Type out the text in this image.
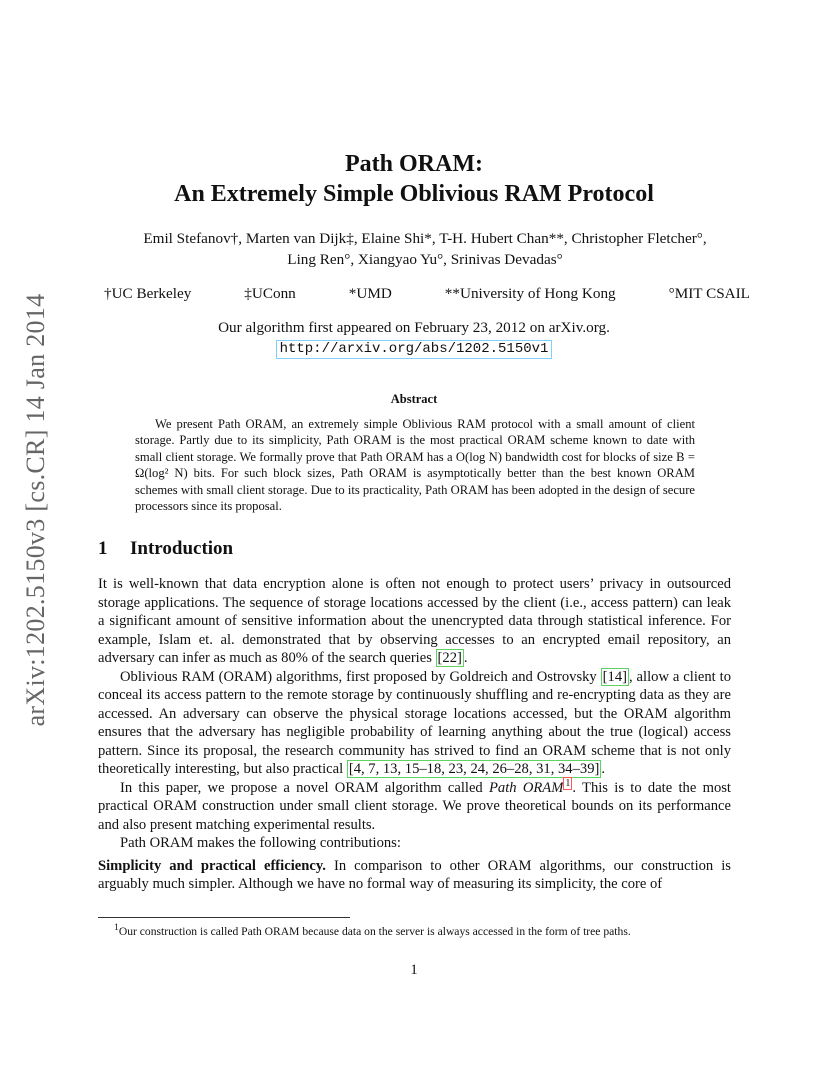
arXiv:1202.5150v3 [cs.CR] 14 Jan 2014
Path ORAM:
An Extremely Simple Oblivious RAM Protocol
Emil Stefanov†, Marten van Dijk‡, Elaine Shi*, T-H. Hubert Chan**, Christopher Fletcher°,
Ling Ren°, Xiangyao Yu°, Srinivas Devadas°
†UC Berkeley	‡UConn	*UMD	**University of Hong Kong	°MIT CSAIL
Our algorithm first appeared on February 23, 2012 on arXiv.org.
http://arxiv.org/abs/1202.5150v1
Abstract

We present Path ORAM, an extremely simple Oblivious RAM protocol with a small amount of client storage. Partly due to its simplicity, Path ORAM is the most practical ORAM scheme known to date with small client storage. We formally prove that Path ORAM has a O(log N) bandwidth cost for blocks of size B = Ω(log² N) bits. For such block sizes, Path ORAM is asymptotically better than the best known ORAM schemes with small client storage. Due to its practicality, Path ORAM has been adopted in the design of secure processors since its proposal.

1 Introduction

It is well-known that data encryption alone is often not enough to protect users’ privacy in outsourced storage applications. The sequence of storage locations accessed by the client (i.e., access pattern) can leak a significant amount of sensitive information about the unencrypted data through statistical inference. For example, Islam et. al. demonstrated that by observing accesses to an encrypted email repository, an adversary can infer as much as 80% of the search queries [22] .

Oblivious RAM (ORAM) algorithms, first proposed by Goldreich and Ostrovsky [14] , allow a client to conceal its access pattern to the remote storage by continuously shuffling and re-encrypting data as they are accessed. An adversary can observe the physical storage locations accessed, but the ORAM algorithm ensures that the adversary has negligible probability of learning anything about the true (logical) access pattern. Since its proposal, the research community has strived to find an ORAM scheme that is not only theoretically interesting, but also practical [4, 7, 13, 15–18, 23, 24, 26–28, 31, 34–39] .

In this paper, we propose a novel ORAM algorithm called Path ORAM $^1$ . This is to date the most practical ORAM construction under small client storage. We prove theoretical bounds on its performance and also present matching experimental results.

Path ORAM makes the following contributions:

Simplicity and practical efficiency. In comparison to other ORAM algorithms, our construction is arguably much simpler. Although we have no formal way of measuring its simplicity, the core of

$^1$Our construction is called Path ORAM because data on the server is always accessed in the form of tree paths.
1
